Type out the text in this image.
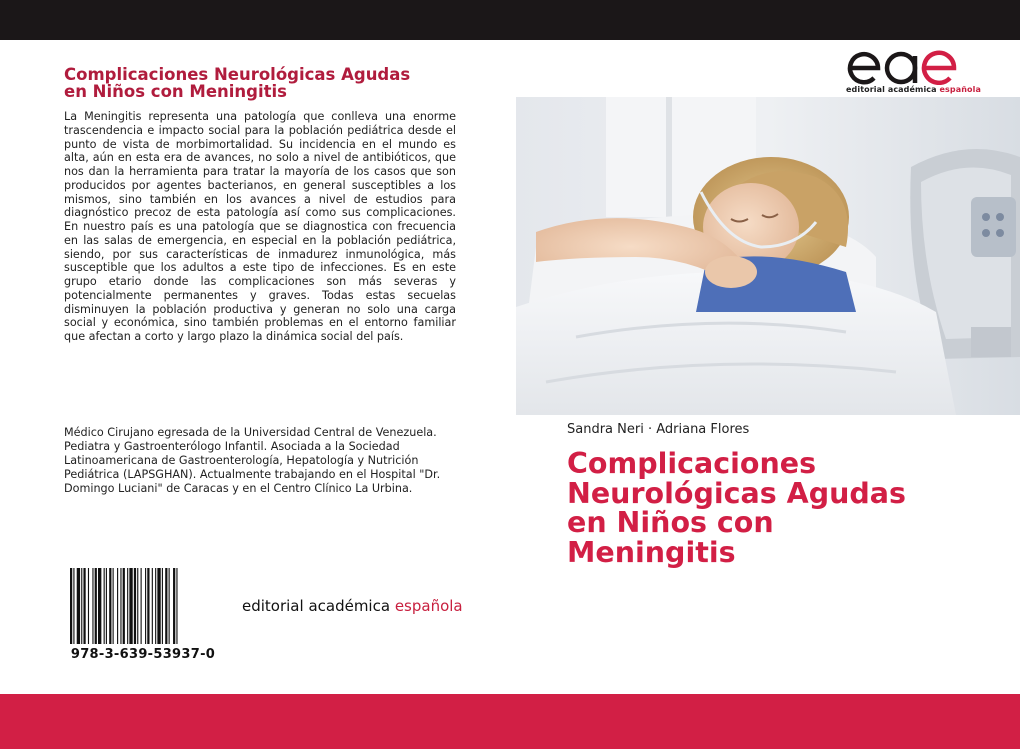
Complicaciones Neurológicas Agudas
en Niños con Meningitis

La Meningitis representa una patología que conlleva una enorme trascendencia e impacto social para la población pediátrica desde el punto de vista de morbimortalidad. Su incidencia en el mundo es alta, aún en esta era de avances, no solo a nivel de antibióticos, que nos dan la herramienta para tratar la mayoría de los casos que son producidos por agentes bacterianos, en general susceptibles a los mismos, sino también en los avances a nivel de estudios para diagnóstico precoz de esta patología así como sus complicaciones. En nuestro país es una patología que se diagnostica con frecuencia en las salas de emergencia, en especial en la población pediátrica, siendo, por sus características de inmadurez inmunológica, más susceptible que los adultos a este tipo de infecciones. Es en este grupo etario donde las complicaciones son más severas y potencialmente permanentes y graves. Todas estas secuelas disminuyen la población productiva y generan no solo una carga social y económica, sino también problemas en el entorno familiar que afectan a corto y largo plazo la dinámica social del país.

Médico Cirujano egresada de la Universidad Central de Venezuela. Pediatra y Gastroenterólogo Infantil. Asociada a la Sociedad Latinoamericana de Gastroenterología, Hepatología y Nutrición Pediátrica (LAPSGHAN). Actualmente trabajando en el Hospital "Dr. Domingo Luciani" de Caracas y en el Centro Clínico La Urbina.

978-3-639-53937-0
editorial académica española
editorial académica española
Sandra Neri · Adriana Flores
Complicaciones
Neurológicas Agudas
en Niños con
Meningitis
